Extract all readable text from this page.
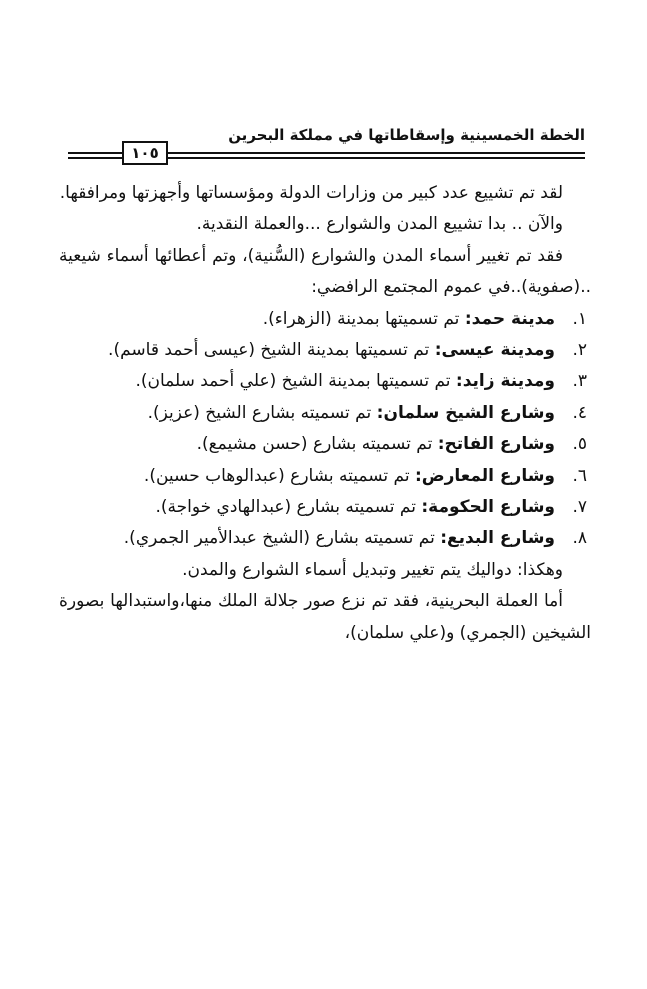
الخطة الخمسينية وإسقاطاتها في مملكة البحرين
١٠٥

لقد تم تشييع عدد كبير من وزارات الدولة ومؤسساتها وأجهزتها ومرافقها.

والآن .. بدا تشييع المدن والشوارع ...والعملة النقدية.

فقد تم تغيير أسماء المدن والشوارع (السُّنية)، وتم أعطائها أسماء شيعية ..(صفوية)..في عموم المجتمع الرافضي:

١.
مدينة حمد: تم تسميتها بمدينة (الزهراء).
٢.
ومدينة عيسى: تم تسميتها بمدينة الشيخ (عيسى أحمد قاسم).
٣.
ومدينة زايد: تم تسميتها بمدينة الشيخ (علي أحمد سلمان).
٤.
وشارع الشيخ سلمان: تم تسميته بشارع الشيخ (عزيز).
٥.
وشارع الفاتح: تم تسميته بشارع (حسن مشيمع).
٦.
وشارع المعارض: تم تسميته بشارع (عبدالوهاب حسين).
٧.
وشارع الحكومة: تم تسميته بشارع (عبدالهادي خواجة).
٨.
وشارع البديع: تم تسميته بشارع (الشيخ عبدالأمير الجمري).

وهكذا: دواليك يتم تغيير وتبديل أسماء الشوارع والمدن.

أما العملة البحرينية، فقد تم نزع صور جلالة الملك منها،واستبدالها بصورة الشيخين (الجمري) و(علي سلمان)،
